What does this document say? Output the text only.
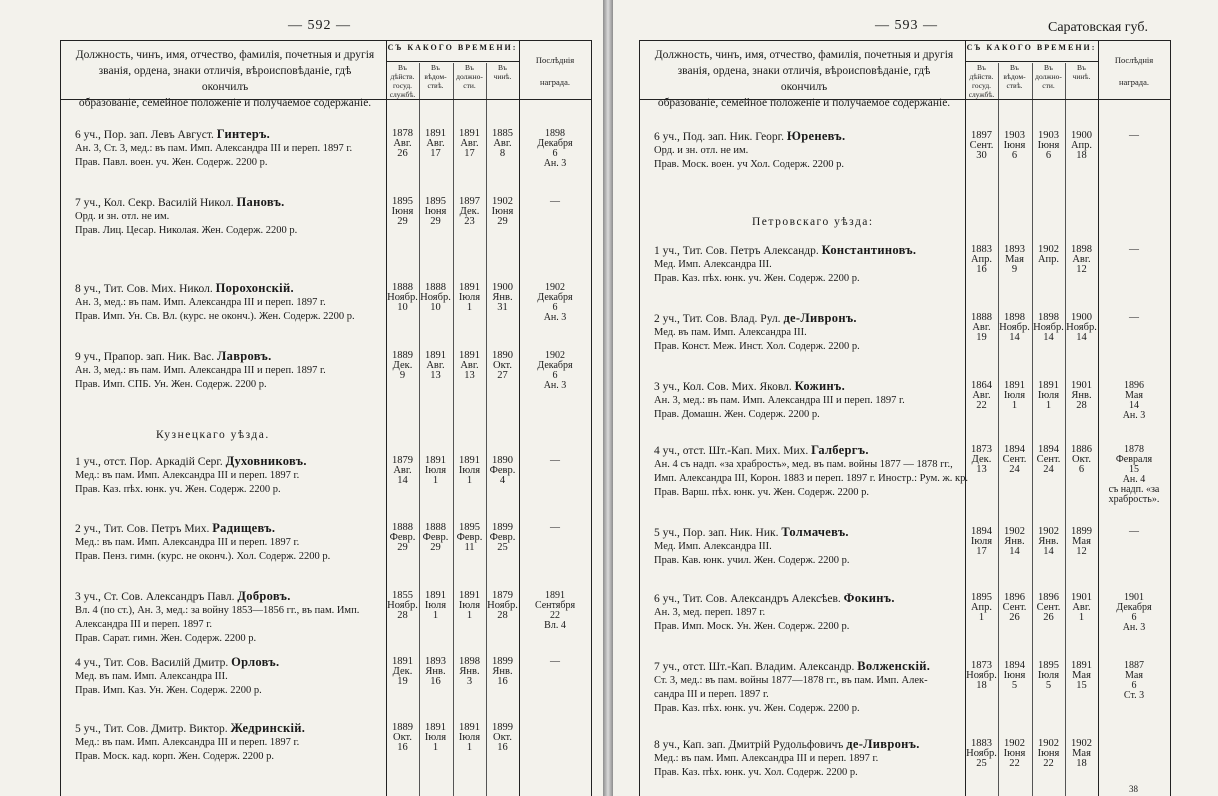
— 592 —
Должность, чинъ, имя, отчество, фамилія, почетныя и другія
званія, ордена, знаки отличія, вѣроисповѣданіе, гдѣ окончилъ
образованіе, семейное положеніе и получаемое содержаніе.
СЪ КАКОГО ВРЕМЕНИ:
Въ
дѣйств.
госуд.
службѣ.
Въ
вѣдом-
ствѣ.
Въ
должно-
сти.
Въ
чинѣ.
Послѣднія

награда.
Кузнецкаго уѣзда.
6 уч., Пор. зап. Левъ Август. Гинтеръ.
Ан. 3, Ст. 3, мед.: въ пам. Имп. Александра III и переп. 1897 г.
Прав. Павл. воен. уч. Жен. Содерж. 2200 р.
1878
Авг.
26
1891
Авг.
17
1891
Авг.
17
1885
Авг.
8
1898
Декабря
6
Ан. 3
7 уч., Кол. Секр. Василій Никол. Пановъ.
Орд. и зн. отл. не им.
Прав. Лиц. Цесар. Николая. Жен. Содерж. 2200 р.
1895
Іюня
29
1895
Іюня
29
1897
Дек.
23
1902
Іюня
29
—
8 уч., Тит. Сов. Мих. Никол. Порохонскій.
Ан. 3, мед.: въ пам. Имп. Александра III и переп. 1897 г.
Прав. Имп. Ун. Св. Вл. (курс. не оконч.). Жен. Содерж. 2200 р.
1888
Ноябр.
10
1888
Ноябр.
10
1891
Іюля
1
1900
Янв.
31
1902
Декабря
6
Ан. 3
9 уч., Прапор. зап. Ник. Вас. Лавровъ.
Ан. 3, мед.: въ пам. Имп. Александра III и переп. 1897 г.
Прав. Имп. СПБ. Ун. Жен. Содерж. 2200 р.
1889
Дек.
9
1891
Авг.
13
1891
Авг.
13
1890
Окт.
27
1902
Декабря
6
Ан. 3
1 уч., отст. Пор. Аркадій Серг. Духовниковъ.
Мед.: въ пам. Имп. Александра III и переп. 1897 г.
Прав. Каз. пѣх. юнк. уч. Жен. Содерж. 2200 р.
1879
Авг.
14
1891
Іюля
1
1891
Іюля
1
1890
Февр.
4
—
2 уч., Тит. Сов. Петръ Мих. Радищевъ.
Мед.: въ пам. Имп. Александра III и переп. 1897 г.
Прав. Пенз. гимн. (курс. не оконч.). Хол. Содерж. 2200 р.
1888
Февр.
29
1888
Февр.
29
1895
Февр.
11
1899
Февр.
25
—
3 уч., Ст. Сов. Александръ Павл. Добровъ.
Вл. 4 (по ст.), Ан. 3, мед.: за войну 1853—1856 гг., въ пам. Имп.
Александра III и переп. 1897 г.
Прав. Сарат. гимн. Жен. Содерж. 2200 р.
1855
Ноябр.
28
1891
Іюля
1
1891
Іюля
1
1879
Ноябр.
28
1891
Сентября
22
Вл. 4
4 уч., Тит. Сов. Василій Дмитр. Орловъ.
Мед. въ пам. Имп. Александра III.
Прав. Имп. Каз. Ун. Жен. Содерж. 2200 р.
1891
Дек.
19
1893
Янв.
16
1898
Янв.
3
1899
Янв.
16
—
5 уч., Тит. Сов. Дмитр. Виктор. Жедринскій.
Мед.: въ пам. Имп. Александра III и переп. 1897 г.
Прав. Моск. кад. корп. Жен. Содерж. 2200 р.
1889
Окт.
16
1891
Іюля
1
1891
Іюля
1
1899
Окт.
16
— 593 —	Саратовская губ.
Должность, чинъ, имя, отчество, фамилія, почетныя и другія
званія, ордена, знаки отличія, вѣроисповѣданіе, гдѣ окончилъ
образованіе, семейное положеніе и получаемое содержаніе.
СЪ КАКОГО ВРЕМЕНИ:
Въ
дѣйств.
госуд.
службѣ.
Въ
вѣдом-
ствѣ.
Въ
должно-
сти.
Въ
чинѣ.
Послѣднія

награда.
Петровскаго уѣзда:
6 уч., Под. зап. Ник. Георг. Юреневъ.
Орд. и зн. отл. не им.
Прав. Моск. воен. уч Хол. Содерж. 2200 р.
1897
Сент.
30
1903
Іюня
6
1903
Іюня
6
1900
Апр.
18
—
1 уч., Тит. Сов. Петръ Александр. Константиновъ.
Мед. Имп. Александра III.
Прав. Каз. пѣх. юнк. уч. Жен. Содерж. 2200 р.
1883
Апр.
16
1893
Мая
9
1902
Апр.

1898
Авг.
12
—
2 уч., Тит. Сов. Влад. Рул. де-Ливронъ.
Мед. въ пам. Имп. Александра III.
Прав. Конст. Меж. Инст. Хол. Содерж. 2200 р.
1888
Авг.
19
1898
Ноябр.
14
1898
Ноябр.
14
1900
Ноябр.
14
—
3 уч., Кол. Сов. Мих. Яковл. Кожинъ.
Ан. 3, мед.: въ пам. Имп. Александра III и переп. 1897 г.
Прав. Домашн. Жен. Содерж. 2200 р.
1864
Авг.
22
1891
Іюля
1
1891
Іюля
1
1901
Янв.
28
1896
Мая
14
Ан. 3
4 уч., отст. Шт.-Кап. Мих. Мих. Галбергъ.
Ан. 4 съ надп. «за храбрость», мед. въ пам. войны 1877 — 1878 гг.,
Имп. Александра III, Корон. 1883 и переп. 1897 г. Иностр.: Рум. ж. кр.
Прав. Варш. пѣх. юнк. уч. Жен. Содерж. 2200 р.
1873
Дек.
13
1894
Сент.
24
1894
Сент.
24
1886
Окт.
6
1878
Февраля
15
Ан. 4
съ надп. «за
храбрость».
5 уч., Пор. зап. Ник. Ник. Толмачевъ.
Мед. Имп. Александра III.
Прав. Кав. юнк. учил. Жен. Содерж. 2200 р.
1894
Іюля
17
1902
Янв.
14
1902
Янв.
14
1899
Мая
12
—
6 уч., Тит. Сов. Александръ Алексѣев. Фокинъ.
Ан. 3, мед. переп. 1897 г.
Прав. Имп. Моск. Ун. Жен. Содерж. 2200 р.
1895
Апр.
1
1896
Сент.
26
1896
Сент.
26
1901
Авг.
1
1901
Декабря
6
Ан. 3
7 уч., отст. Шт.-Кап. Владим. Александр. Волженскій.
Ст. 3, мед.: въ пам. войны 1877—1878 гг., въ пам. Имп. Алек-
сандра III и переп. 1897 г.
Прав. Каз. пѣх. юнк. уч. Жен. Содерж. 2200 р.
1873
Ноябр.
18
1894
Іюня
5
1895
Іюля
5
1891
Мая
15
1887
Мая
6
Ст. 3
8 уч., Кап. зап. Дмитрій Рудольфовичъ де-Ливронъ.
Мед.: въ пам. Имп. Александра III и переп. 1897 г.
Прав. Каз. пѣх. юнк. уч. Хол. Содерж. 2200 р.
1883
Ноябр.
25
1902
Іюня
22
1902
Іюня
22
1902
Мая
18
38
